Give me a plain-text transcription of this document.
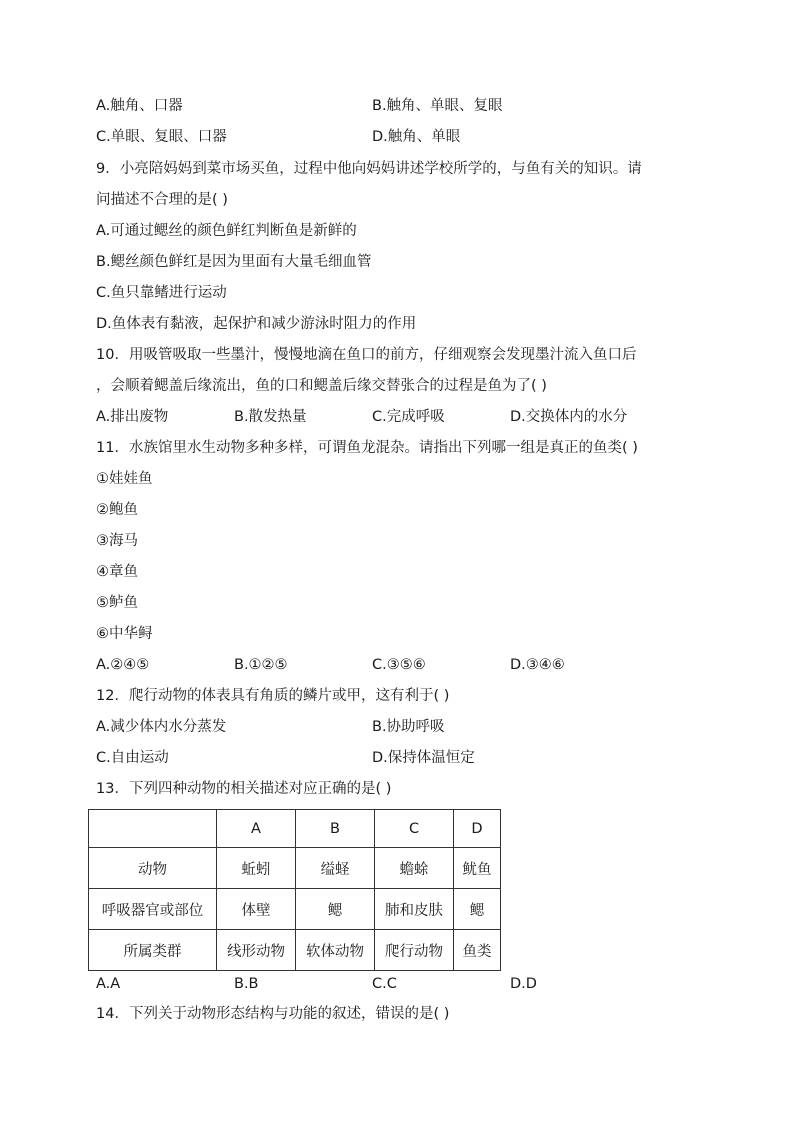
A.触角、口器	B.触角、单眼、复眼
C.单眼、复眼、口器	D.触角、单眼
9．小亮陪妈妈到菜市场买鱼，过程中他向妈妈讲述学校所学的，与鱼有关的知识。请
问描述不合理的是( )
A.可通过鳃丝的颜色鲜红判断鱼是新鲜的
B.鳃丝颜色鲜红是因为里面有大量毛细血管
C.鱼只靠鳍进行运动
D.鱼体表有黏液，起保护和减少游泳时阻力的作用
10．用吸管吸取一些墨汁，慢慢地滴在鱼口的前方，仔细观察会发现墨汁流入鱼口后
，会顺着鳃盖后缘流出，鱼的口和鳃盖后缘交替张合的过程是鱼为了( )
A.排出废物	B.散发热量	C.完成呼吸	D.交换体内的水分
11．水族馆里水生动物多种多样，可谓鱼龙混杂。请指出下列哪一组是真正的鱼类( )
①娃娃鱼
②鲍鱼
③海马
④章鱼
⑤鲈鱼
⑥中华鲟
A.②④⑤	B.①②⑤	C.③⑤⑥	D.③④⑥
12．爬行动物的体表具有角质的鳞片或甲，这有利于( )
A.减少体内水分蒸发	B.协助呼吸
C.自由运动	D.保持体温恒定
13．下列四种动物的相关描述对应正确的是( )
	A	B	C	D
动物	蚯蚓	缢蛏	蟾蜍	鱿鱼
呼吸器官或部位	体壁	鳃	肺和皮肤	鳃
所属类群	线形动物	软体动物	爬行动物	鱼类
A.A	B.B	C.C	D.D
14．下列关于动物形态结构与功能的叙述，错误的是( )
